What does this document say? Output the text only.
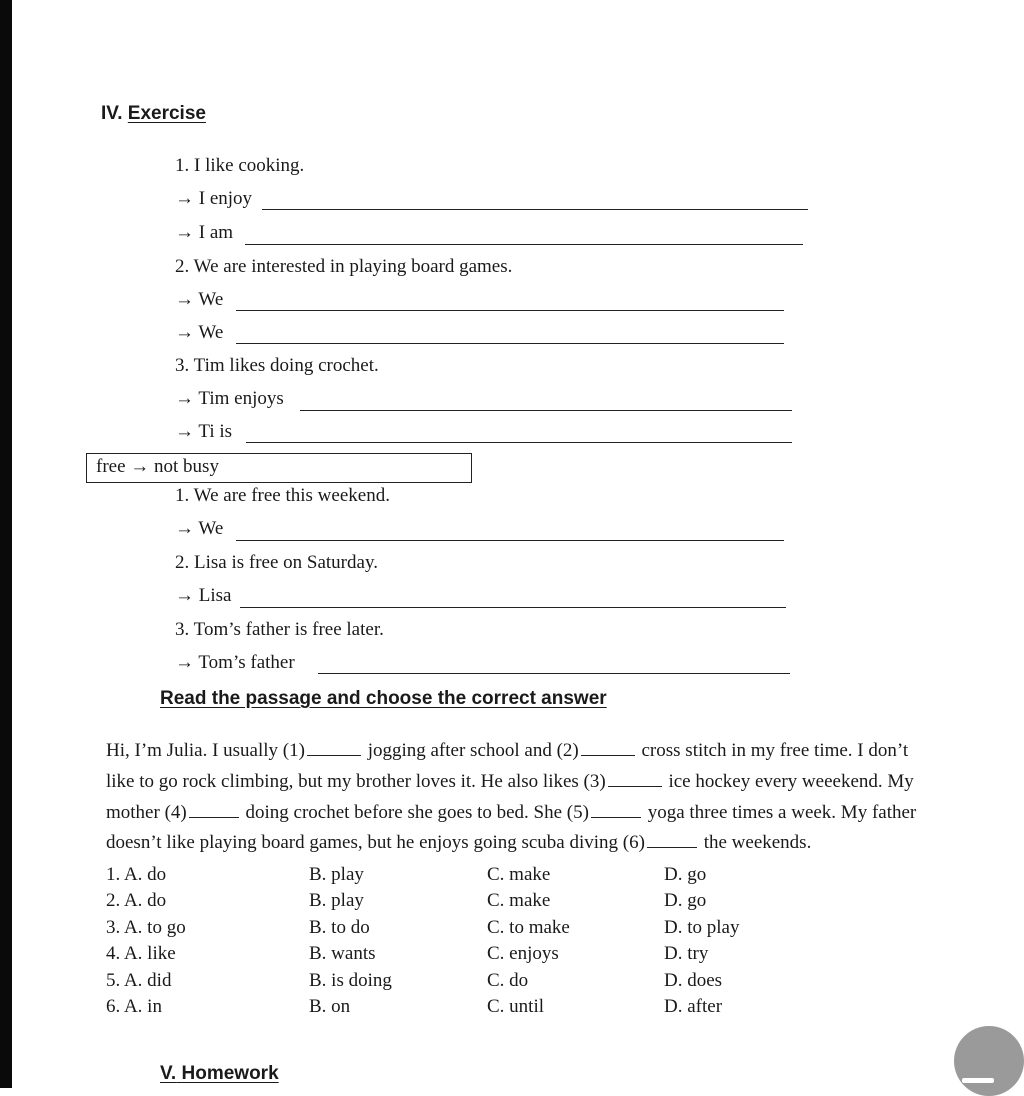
IV. Exercise
1. I like cooking.
→ I enjoy
→ I am
2. We are interested in playing board games.
→ We
→ We
3. Tim likes doing crochet.
→ Tim enjoys
→ Ti is
free → not busy
1. We are free this weekend.
→ We
2. Lisa is free on Saturday.
→ Lisa
3. Tom’s father is free later.
→ Tom’s father
Read the passage and choose the correct answer
Hi, I’m Julia. I usually (1)	jogging after school and (2)	cross stitch in my free time. I don’t
like to go rock climbing, but my brother loves it. He also likes (3)	ice hockey every weeekend. My
mother (4)	doing crochet before she goes to bed. She (5)	yoga three times a week. My father
doesn’t like playing board games, but he enjoys going scuba diving (6)	the weekends.
1. A. do	B. play	C. make	D. go
2. A. do	B. play	C. make	D. go
3. A. to go	B. to do	C. to make	D. to play
4. A. like	B. wants	C. enjoys	D. try
5. A. did	B. is doing	C. do	D. does
6. A. in	B. on	C. until	D. after
V. Homework
